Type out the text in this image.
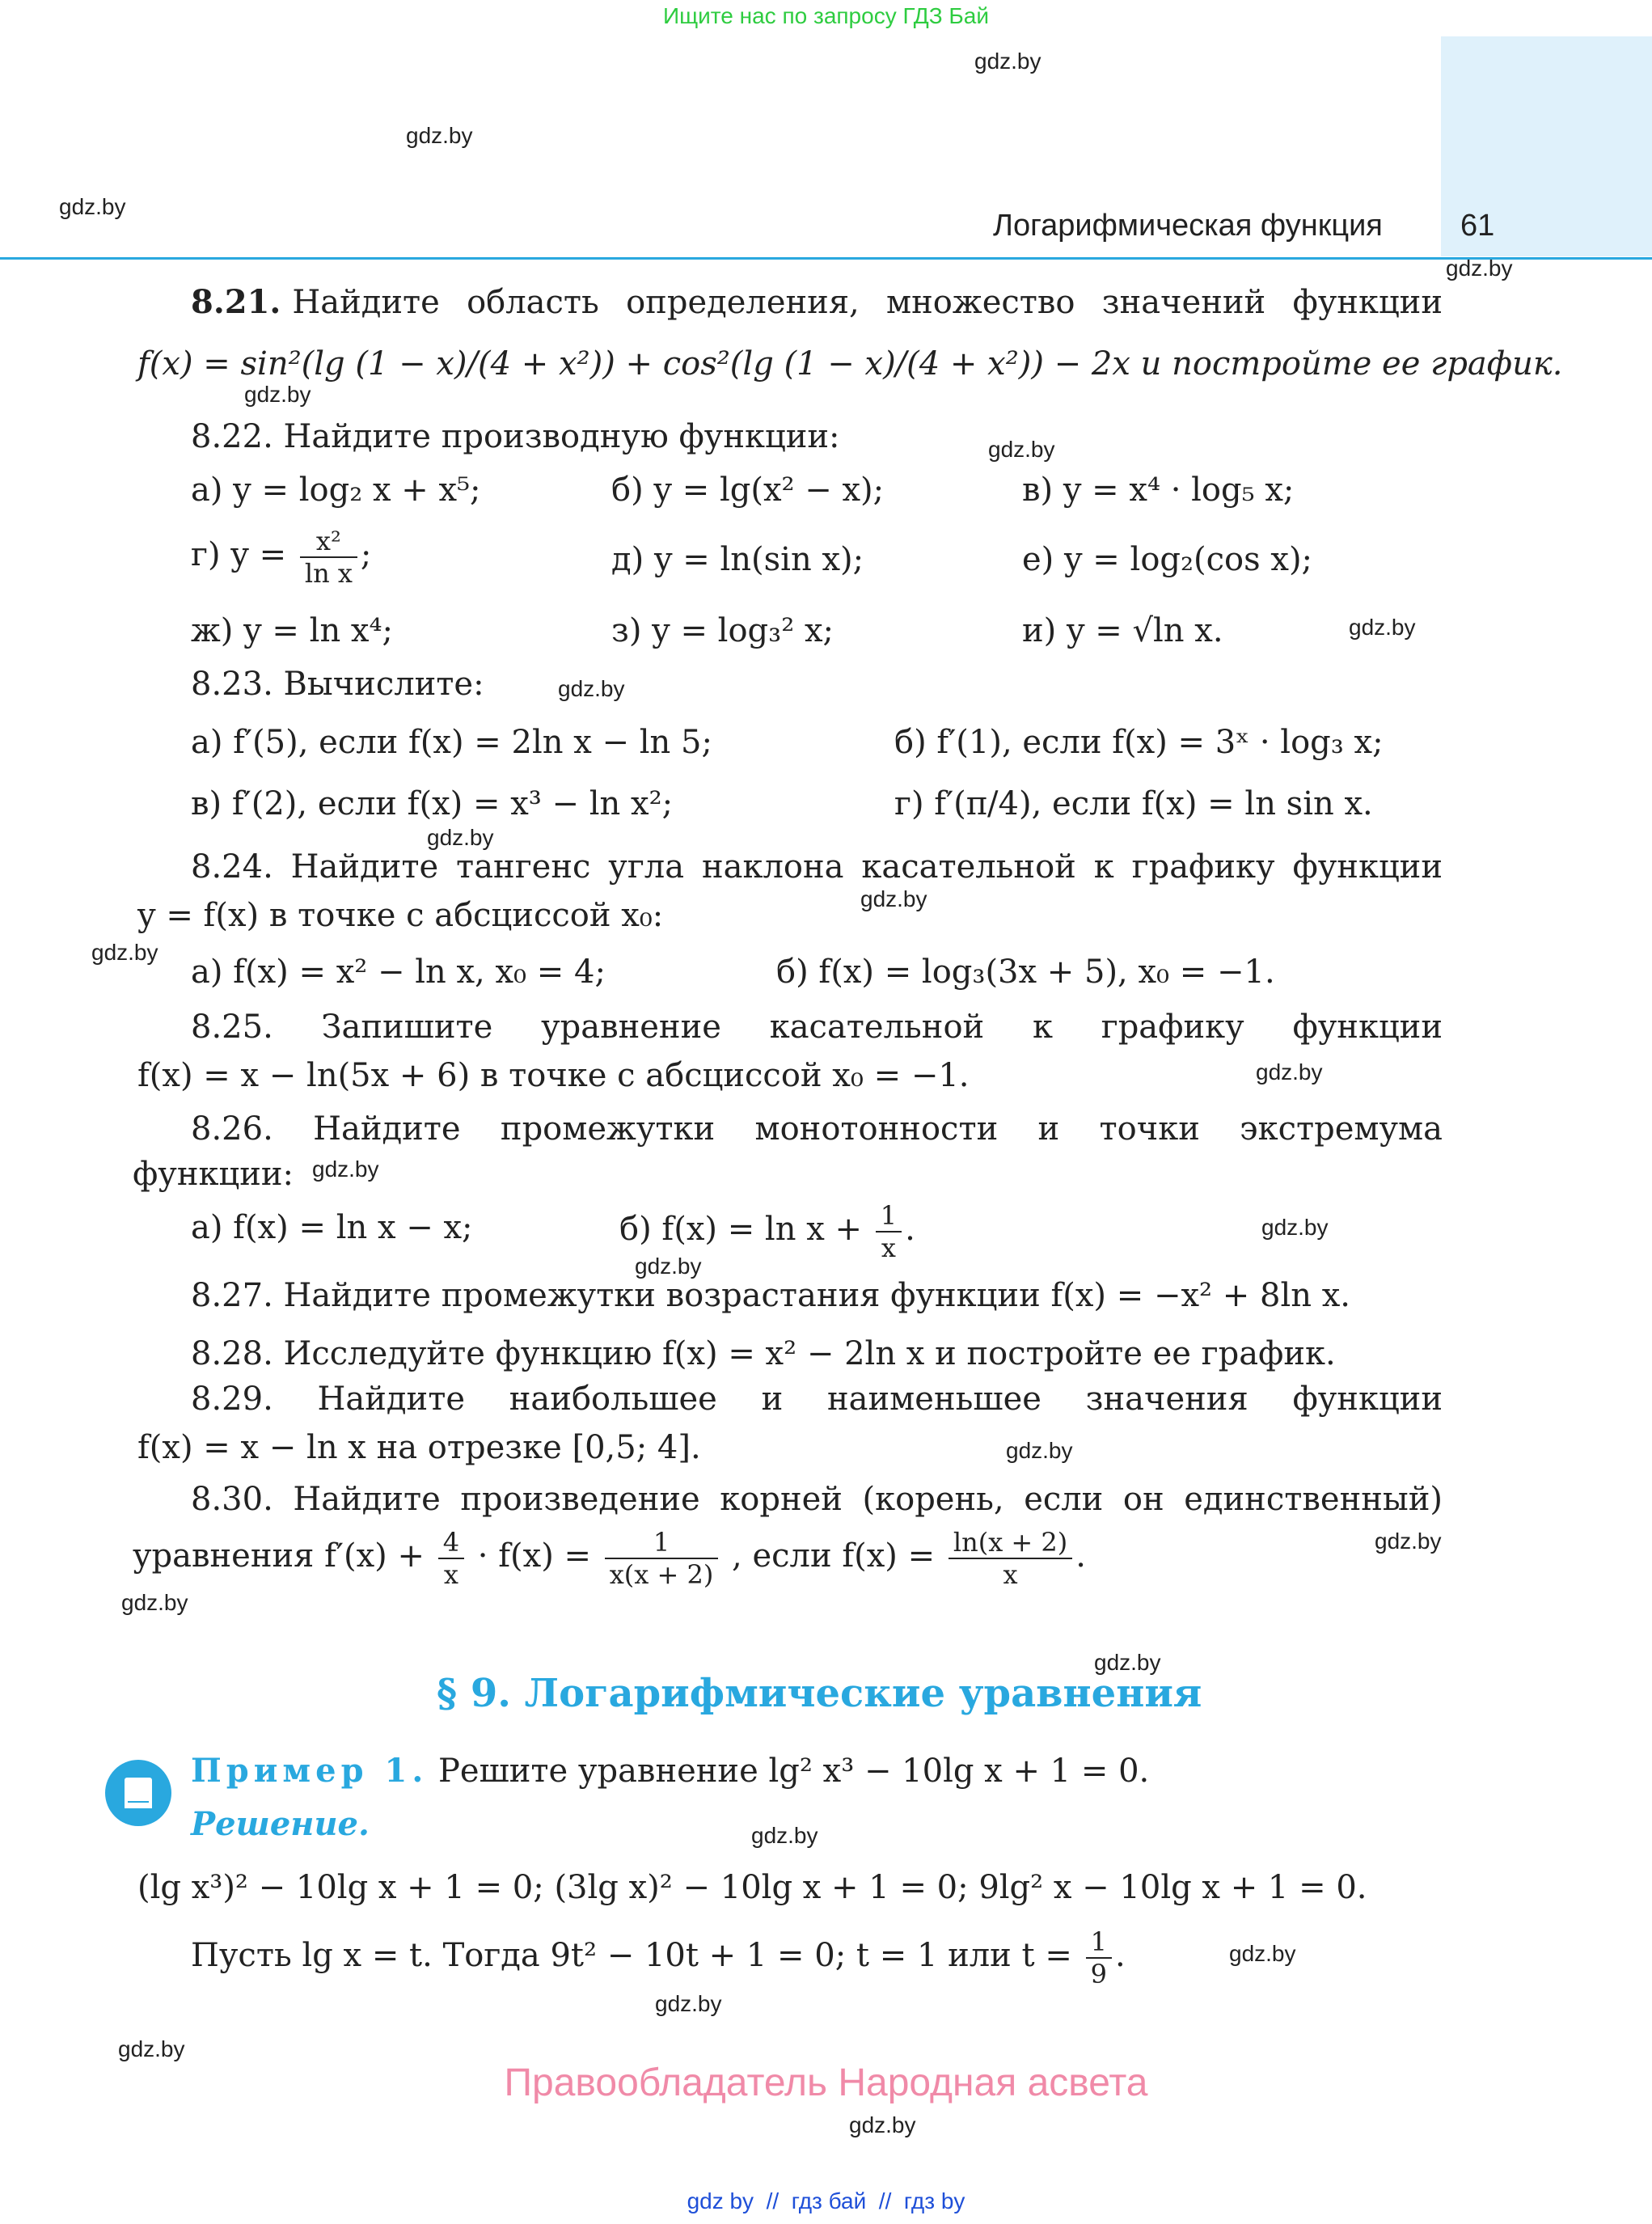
Ищите нас по запросу ГДЗ Бай
Логарифмическая функция	61
gdz.by
gdz.by
gdz.by
gdz.by
gdz.by
gdz.by
gdz.by
gdz.by
gdz.by
gdz.by
gdz.by
gdz.by
gdz.by
gdz.by
gdz.by
gdz.by
gdz.by
gdz.by
gdz.by
gdz.by
gdz.by
gdz.by
gdz.by
gdz.by
8.21. Найдите область определения, множество значений функции
f(x) = sin²(lg (1 − x)/(4 + x²)) + cos²(lg (1 − x)/(4 + x²)) − 2x и постройте ее график.
8.22. Найдите производную функции:
а) y = log₂ x + x⁵;	б) y = lg(x² − x);	в) y = x⁴ · log₅ x;
г) $y = \frac{\text{x²}}{\text{ln x}}$ ;	д) y = ln(sin x);	е) y = log₂(cos x);
ж) y = ln x⁴;	з) y = log₃² x;	и) y = √ln x.
8.23. Вычислите:
а) f′(5), если f(x) = 2ln x − ln 5;	б) f′(1), если f(x) = 3ˣ · log₃ x;
в) f′(2), если f(x) = x³ − ln x²;	г) f′(π/4), если f(x) = ln sin x.
8.24. Найдите тангенс угла наклона касательной к графику функции
y = f(x) в точке с абсциссой x₀:
а) f(x) = x² − ln x, x₀ = 4;	б) f(x) = log₃(3x + 5), x₀ = −1.
8.25. Запишите уравнение касательной к графику функции
f(x) = x − ln(5x + 6) в точке с абсциссой x₀ = −1.
8.26. Найдите промежутки монотонности и точки экстремума
функции:
а) f(x) = ln x − x;	б) $f(x) = \ln x + \frac{1}{x}$ .
8.27. Найдите промежутки возрастания функции f(x) = −x² + 8ln x.
8.28. Исследуйте функцию f(x) = x² − 2ln x и постройте ее график.
8.29. Найдите наибольшее и наименьшее значения функции
f(x) = x − ln x на отрезке [0,5; 4].
8.30. Найдите произведение корней (корень, если он единственный)
уравнения $f'(x) + \frac{4}{x} \cdot f(x) = \frac{1}{x(x + 2)}$ , если $f(x) = \frac{\ln(x + 2)}{x}$ .
§ 9. Логарифмические уравнения
Пример 1. Решите уравнение lg² x³ − 10lg x + 1 = 0.
Решение.
(lg x³)² − 10lg x + 1 = 0; (3lg x)² − 10lg x + 1 = 0; 9lg² x − 10lg x + 1 = 0.
Пусть lg x = t. Тогда 9t² − 10t + 1 = 0; t = 1 или $t = \frac{1}{9}$ .
Правообладатель Народная асвета
gdz by  //  гдз бай  //  гдз by
